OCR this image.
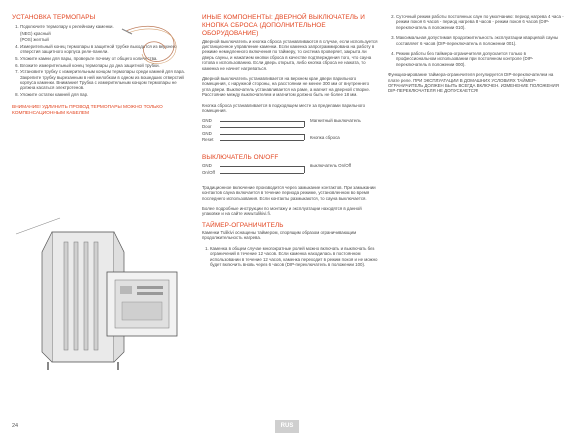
УСТАНОВКА ТЕРМОПАРЫ
1. Подключите термопару к релейному каменки.
(NEG) красный
(POS) желтый
4. Измерительный конец термопары в защитной трубке выходится из верхнего отверстия защитного корпуса реле-панели.
5. Уложите камни для пары, проверьте почему от общего количества.
6. Вложите измерительный конец термопары до дна защитной трубки.
7. Установите трубку с измерительным концом термопары среди камней для пара. Закрепите трубку вырезанным в ней желобком в одном из вошедших отверстий корпуса каменки. Внимание! Трубка с измерительным концом термопары не должна касаться электротенов.
8. Уложите остатки камней для пар.
ВНИМАНИЕ! УДЛИНИТЬ ПРОВОД ТЕРМОПАРЫ МОЖНО ТОЛЬКО КОМПЕНСАЦИОННЫМ КАБЕЛЕМ
ИНЫЕ КОМПОНЕНТЫ: ДВЕРНОЙ ВЫКЛЮЧАТЕЛЬ И КНОПКА СБРОСА (ДОПОЛНИТЕЛЬНОЕ ОБОРУДОВАНИЕ)

Дверной выключатель и кнопка сброса устанавливаются в случае, если используется дистанционное управление каменки. Если каменка запрограммирована на работу в режиме немедленного включения по таймеру, то система проверяет, закрыта ли дверь сауны, и нажатием кнопки сброса в качестве подтверждения того, что сауна готова к использованию. Если дверь открыта, либо кнопка сброса не нажата, то каменка не начнет нагреваться.

Дверной выключатель устанавливается на верхнем крае двери парильного помещения, с наружной стороны, на расстоянии не менее 300 мм от внутреннего угла двери. Выключатель устанавливается на раме, а магнит на дверной створке. Расстояние между выключателем и магнитом должно быть не более 18 мм.

Кнопка сброса устанавливается в подходящем месте за пределами парильного помещения.

GND
Door
GND
Reset
Магнитный выключатель
Кнопка сброса
ВЫКЛЮЧАТЕЛЬ ON/OFF
GND
On/Off
выключатель On/Off

Традиционное включение производится через замыкание контактов. При замыкании контактов сауна включается в течение периода режиме, установленном во время последнего использования. Если контакты размыкаются, то сауна выключается.

Более подробные инструкции по монтажу и эксплуатации находятся в данной упаковке и на сайте www.tulikivi.fi.

ТАЙМЕР-ОГРАНИЧИТЕЛЬ

Каменки Tulikivi оснащены таймером, спорящим образом ограничивающим продолжительность нагрева.

1. Каменка в общем случае многократные ролей можно включать и выключать без ограничений в течение 12 часов. Если каменка находилась в постоянном использовании в течение 12 часов, каменка переходит в режим покоя и не можно будет включить вновь через 6 часов (DIP-переключатель в положении 100).
2. Суточный режим работы постоянных саун по умолчанию: период нагрева 4 часа - режим покоя 6 часов - период нагрева 8 часов - режим покоя 6 часов (DIP-переключатель в положении 010).
3. Максимальная допустимая продолжительность эксплуатации кварцевой сауны составляет 6 часов (DIP-переключатель в положении 001).
4. Режим работы без таймера-ограничителя допускается только в профессиональном использовании при постоянном контроле (DIP-переключатель в положении 000).

Функционирование таймера-ограничителя регулируется DIP-переключателем на плате реле. ПРИ ЭКСПЛУАТАЦИИ В ДОМАШНИХ УСЛОВИЯХ ТАЙМЕР-ОГРАНИЧИТЕЛЬ ДОЛЖЕН БЫТЬ ВСЕГДА ВКЛЮЧЕН. ИЗМЕНЕНИЕ ПОЛОЖЕНИЯ DIP-ПЕРЕКЛЮЧАТЕЛЯ НЕ ДОПУСКАЕТСЯ!

24	RUS
